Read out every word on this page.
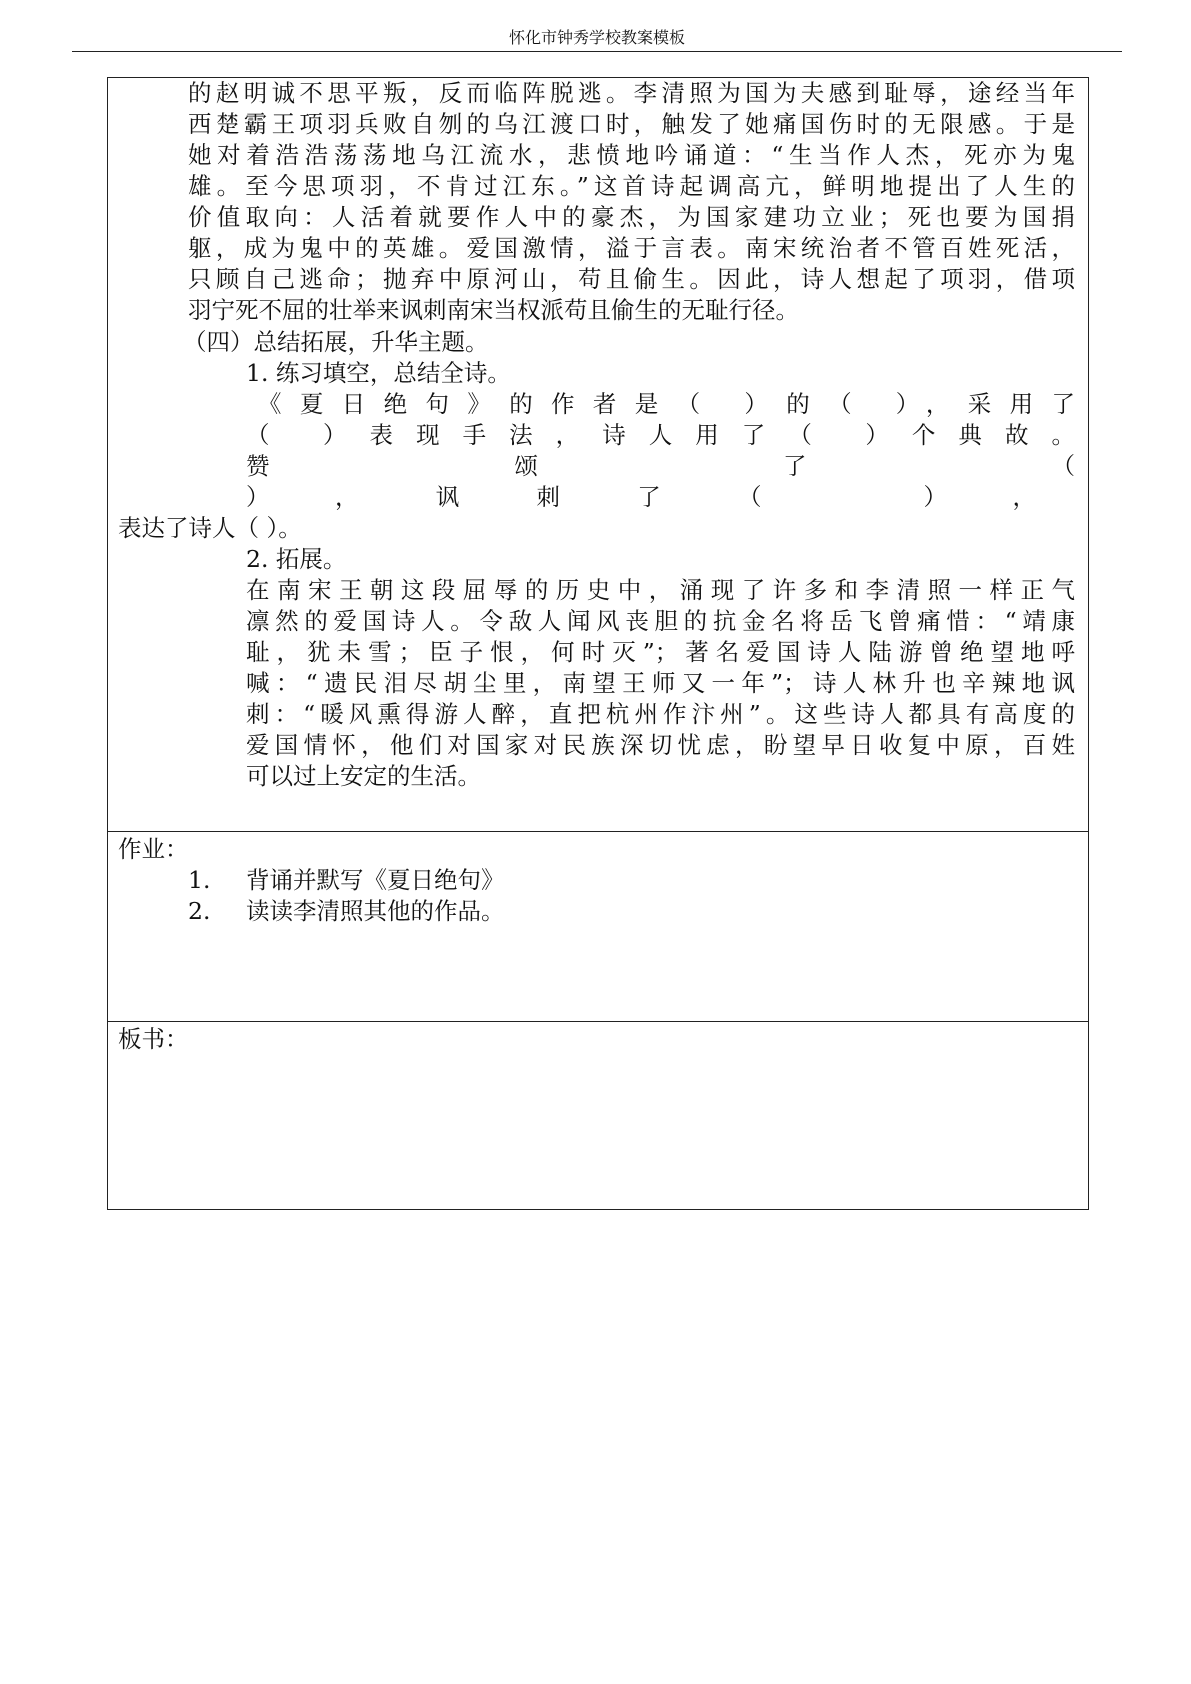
怀化市钟秀学校教案模板
的赵明诚不思平叛，反而临阵脱逃。李清照为国为夫感到耻辱，途经当年
西楚霸王项羽兵败自刎的乌江渡口时，触发了她痛国伤时的无限感。于是
她对着浩浩荡荡地乌江流水，悲愤地吟诵道：“生当作人杰，死亦为鬼
雄。至今思项羽，不肯过江东。”这首诗起调高亢，鲜明地提出了人生的
价值取向：人活着就要作人中的豪杰，为国家建功立业；死也要为国捐
躯，成为鬼中的英雄。爱国激情，溢于言表。南宋统治者不管百姓死活，
只顾自己逃命；抛弃中原河山，苟且偷生。因此，诗人想起了项羽，借项
羽宁死不屈的壮举来讽刺南宋当权派苟且偷生的无耻行径。
（四）总结拓展，升华主题。
1. 练习填空，总结全诗。
《夏日绝句》的作者是（ ）的（ ），采用了
（ ）表现手法，诗人用了（ ）个典故。
赞 颂 了 （
），讽刺了（ ），
表达了诗人（ ）。
2. 拓展。
在南宋王朝这段屈辱的历史中，涌现了许多和李清照一样正气
凛然的爱国诗人。令敌人闻风丧胆的抗金名将岳飞曾痛惜：“靖康
耻，犹未雪；臣子恨，何时灭”；著名爱国诗人陆游曾绝望地呼
喊：“遗民泪尽胡尘里，南望王师又一年”；诗人林升也辛辣地讽
刺：“暖风熏得游人醉，直把杭州作汴州”。这些诗人都具有高度的
爱国情怀，他们对国家对民族深切忧虑，盼望早日收复中原，百姓
可以过上安定的生活。
作业：
1. 背诵并默写《夏日绝句》
2. 读读李清照其他的作品。
板书：
